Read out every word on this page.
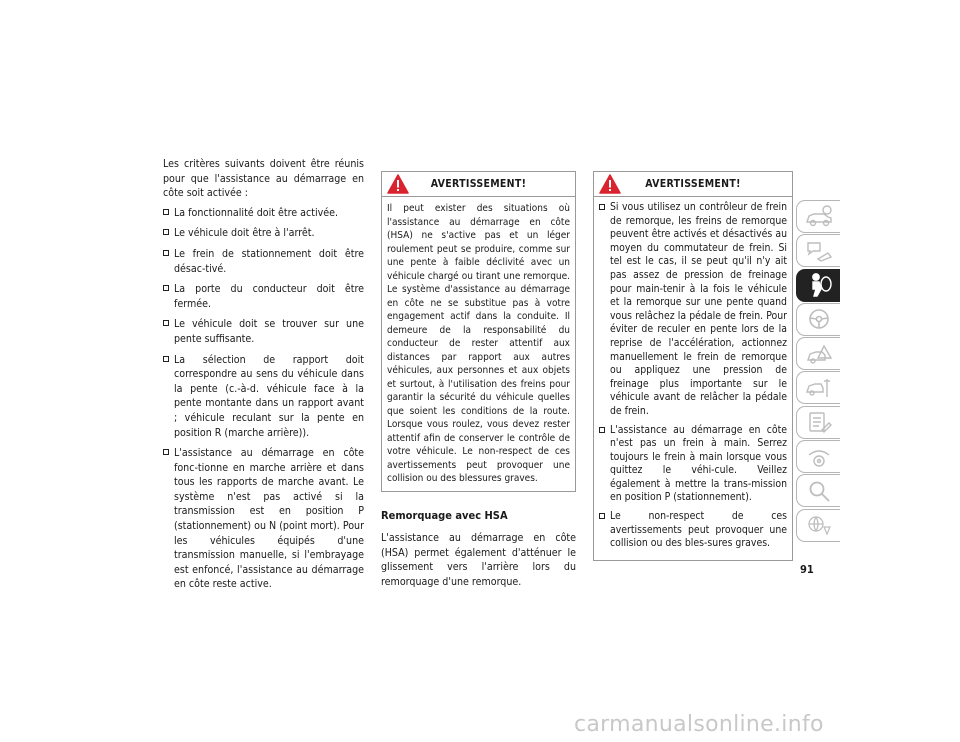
Les critères suivants doivent être réunis pour que l'assistance au démarrage en côte soit activée :

La fonctionnalité doit être activée.
Le véhicule doit être à l'arrêt.
Le frein de stationnement doit être désac-tivé.
La porte du conducteur doit être fermée.
Le véhicule doit se trouver sur une pente suffisante.
La sélection de rapport doit correspondre au sens du véhicule dans la pente (c.-à-d. véhicule face à la pente montante dans un rapport avant ; véhicule reculant sur la pente en position R (marche arrière)).
L'assistance au démarrage en côte fonc-tionne en marche arrière et dans tous les rapports de marche avant. Le système n'est pas activé si la transmission est en position P (stationnement) ou N (point mort). Pour les véhicules équipés d'une transmission manuelle, si l'embrayage est enfoncé, l'assistance au démarrage en côte reste active.
AVERTISSEMENT!
Il peut exister des situations où l'assistance au démarrage en côte (HSA) ne s'active pas et un léger roulement peut se produire, comme sur une pente à faible déclivité avec un véhicule chargé ou tirant une remorque. Le système d'assistance au démarrage en côte ne se substitue pas à votre engagement actif dans la conduite. Il demeure de la responsabilité du conducteur de rester attentif aux distances par rapport aux autres véhicules, aux personnes et aux objets et surtout, à l'utilisation des freins pour garantir la sécurité du véhicule quelles que soient les conditions de la route. Lorsque vous roulez, vous devez rester attentif afin de conserver le contrôle de votre véhicule. Le non-respect de ces avertissements peut provoquer une collision ou des blessures graves.
Remorquage avec HSA

L'assistance au démarrage en côte (HSA) permet également d'atténuer le glissement vers l'arrière lors du remorquage d'une remorque.

AVERTISSEMENT!
Si vous utilisez un contrôleur de frein de remorque, les freins de remorque peuvent être activés et désactivés au moyen du commutateur de frein. Si tel est le cas, il se peut qu'il n'y ait pas assez de pression de freinage pour main-tenir à la fois le véhicule et la remorque sur une pente quand vous relâchez la pédale de frein. Pour éviter de reculer en pente lors de la reprise de l'accélération, actionnez manuellement le frein de remorque ou appliquez une pression de freinage plus importante sur le véhicule avant de relâcher la pédale de frein.
L'assistance au démarrage en côte n'est pas un frein à main. Serrez toujours le frein à main lorsque vous quittez le véhi-cule. Veillez également à mettre la trans-mission en position P (stationnement).
Le non-respect de ces avertissements peut provoquer une collision ou des bles-sures graves.
91
carmanualsonline.info
